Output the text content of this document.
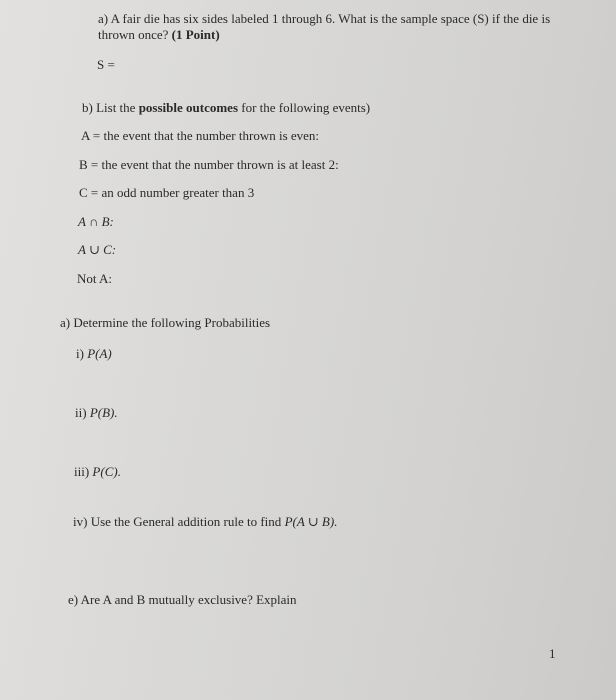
a) A fair die has six sides labeled 1 through 6. What is the sample space (S) if the die is
thrown once? (1 Point)
S =
b) List the possible outcomes for the following events)
A = the event that the number thrown is even:
B = the event that the number thrown is at least 2:
C = an odd number greater than 3
A ∩ B:
A ∪ C:
Not A:
a) Determine the following Probabilities
i) P(A)
ii) P(B).
iii) P(C).
iv) Use the General addition rule to find P(A ∪ B).
e) Are A and B mutually exclusive? Explain
1
